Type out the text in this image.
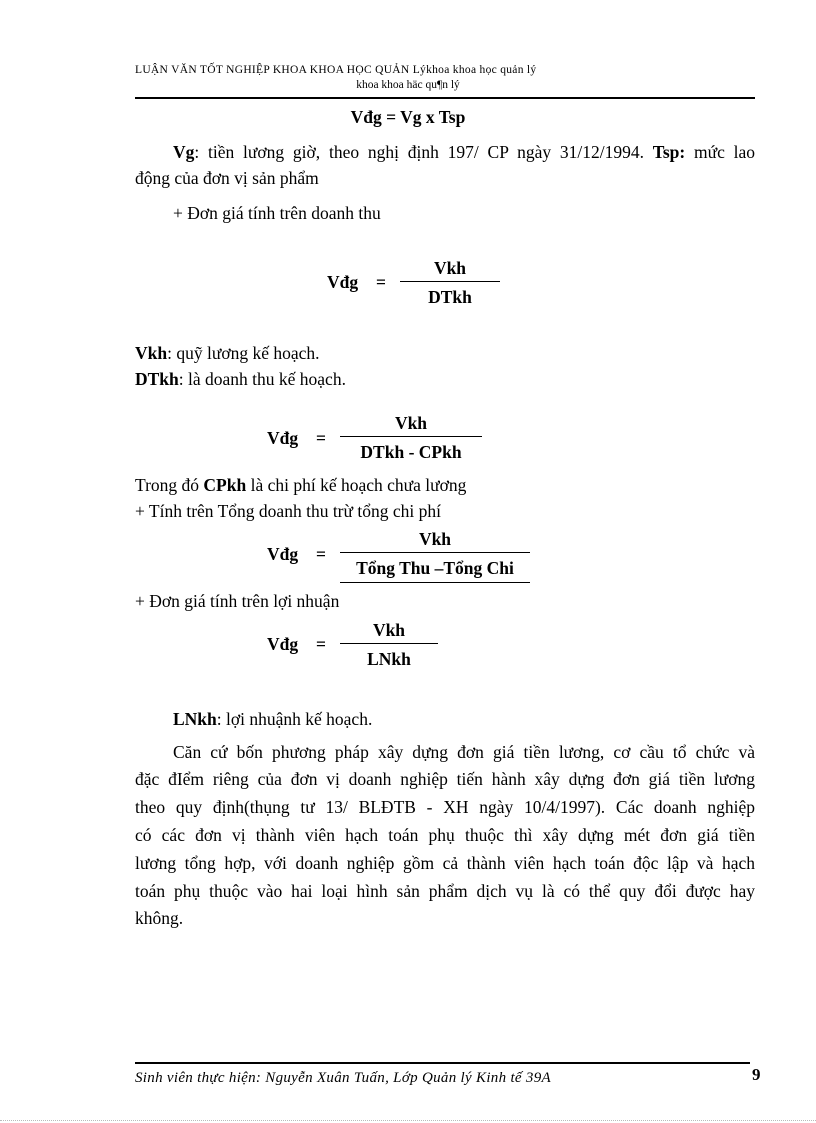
LUẬN VĂN TỐT NGHIỆP KHOA KHOA HỌC QUẢN Lýkhoa khoa học quản lý
khoa khoa häc qu¶n lý
Vđg = Vg x Tsp
Vg: tiền lương giờ, theo nghị định 197/ CP ngày 31/12/1994. Tsp: mức lao
động của đơn vị sản phẩm
+ Đơn giá tính trên doanh thu
Vđg =
Vkh
DTkh
Vkh: quỹ lương kế hoạch.
DTkh: là doanh thu kế hoạch.
Vđg =
Vkh
DTkh - CPkh
Trong đó CPkh là chi phí kế hoạch chưa lương
+ Tính trên Tổng doanh thu trừ tổng chi phí
Vđg =
Vkh
Tổng Thu –Tổng Chi
+ Đơn giá tính trên lợi nhuận
Vđg =
Vkh
LNkh
LNkh: lợi nhuậnh kế hoạch.
Căn cứ bốn phương pháp xây dựng đơn giá tiền lương, cơ cầu tổ chức và
đặc đIểm riêng của đơn vị doanh nghiệp tiến hành xây dựng đơn giá tiền lương
theo quy định(thụng tư 13/ BLĐTB - XH ngày 10/4/1997). Các doanh nghiệp
có các đơn vị thành viên hạch toán phụ thuộc thì xây dựng mét đơn giá tiền
lương tổng hợp, với doanh nghiệp gồm cả thành viên hạch toán độc lập và hạch
toán phụ thuộc vào hai loại hình sản phẩm dịch vụ là có thể quy đổi được hay
không.
Sinh viên thực hiện: Nguyễn Xuân Tuấn, Lớp Quản lý Kinh tế 39A	9
